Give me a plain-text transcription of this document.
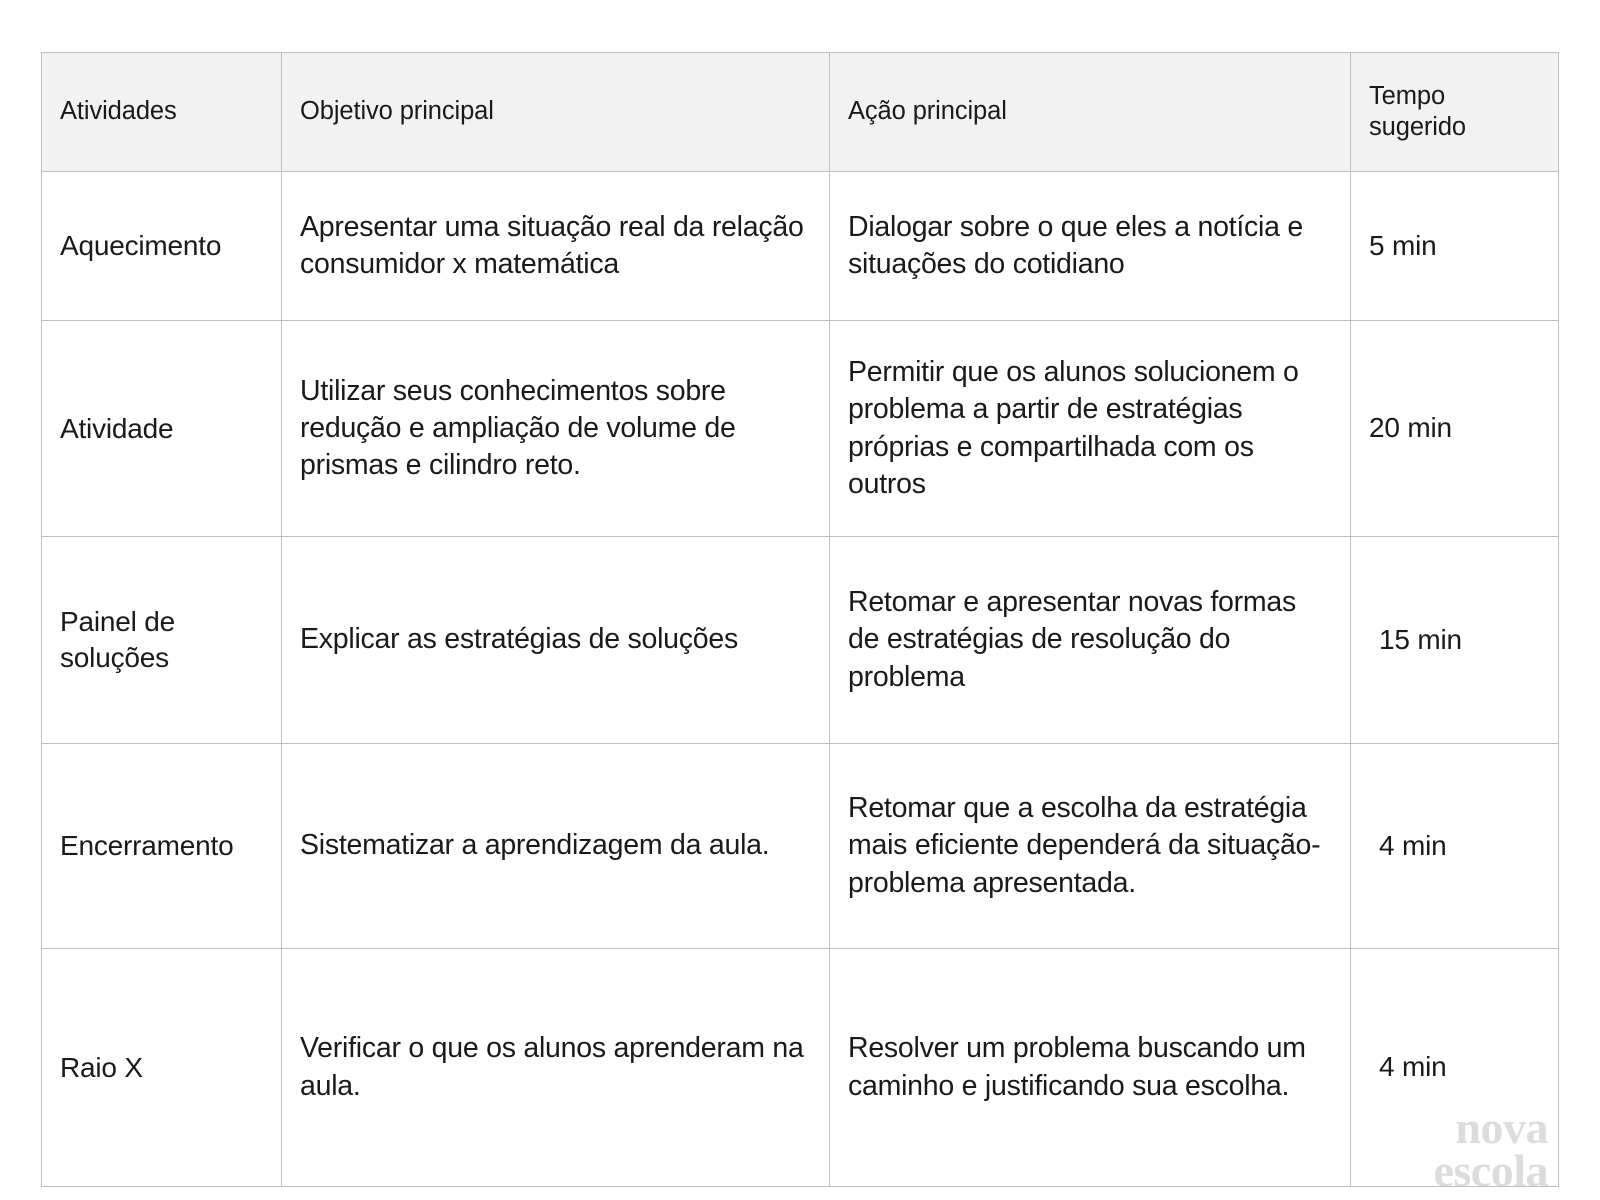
Atividades	Objetivo principal	Ação principal	Tempo sugerido
Aquecimento	Apresentar uma situação real da relação consumidor x matemática	Dialogar sobre o que eles a notícia e situações do cotidiano	5 min
Atividade	Utilizar seus conhecimentos sobre redução e ampliação de volume de prismas e cilindro reto.	Permitir que os alunos solucionem o problema a partir de estratégias próprias e compartilhada com os outros	20 min
Painel de soluções	Explicar as estratégias de soluções	Retomar e apresentar novas formas de estratégias de resolução do problema	15 min
Encerramento	Sistematizar a aprendizagem da aula.	Retomar que a escolha da estratégia mais eficiente dependerá da situação-problema apresentada.	4 min
Raio X	Verificar o que os alunos aprenderam na aula.	Resolver um problema buscando um caminho e justificando sua escolha.	4 min
nova
escola
